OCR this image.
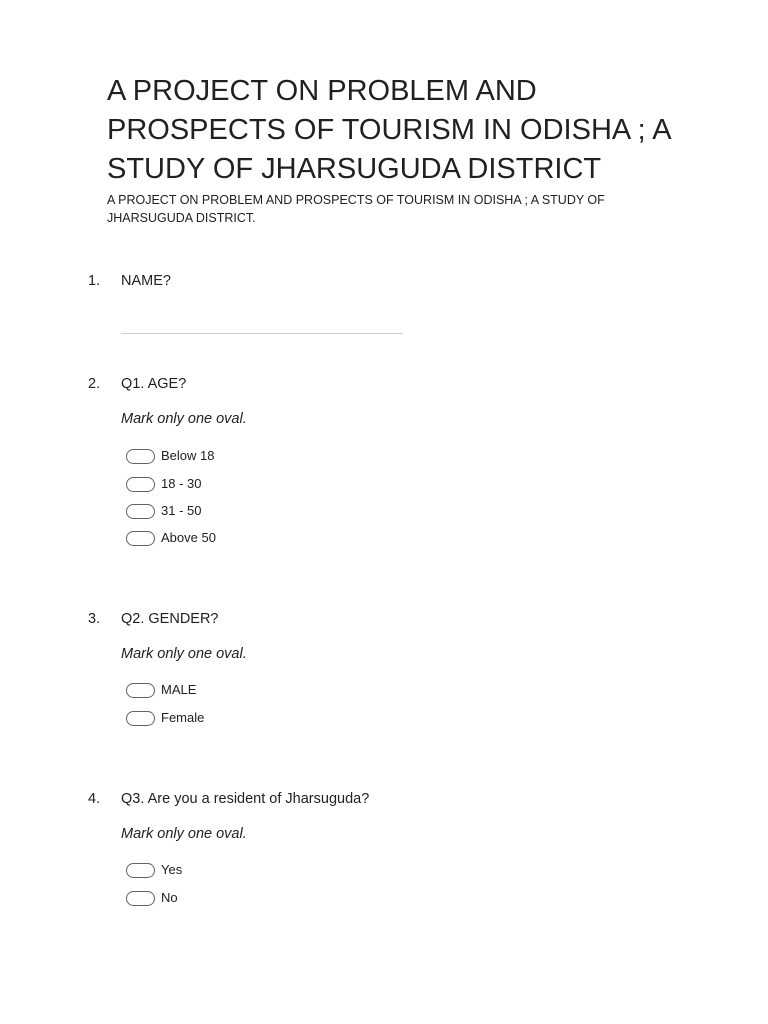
A PROJECT ON PROBLEM AND PROSPECTS OF TOURISM IN ODISHA ; A STUDY OF JHARSUGUDA DISTRICT

A PROJECT ON PROBLEM AND PROSPECTS OF TOURISM IN ODISHA ; A STUDY OF JHARSUGUDA DISTRICT.

1. NAME?
2. Q1. AGE?
Mark only one oval.
Below 18
18 - 30
31 - 50
Above 50
3. Q2. GENDER?
Mark only one oval.
MALE
Female
4. Q3. Are you a resident of Jharsuguda?
Mark only one oval.
Yes
No
